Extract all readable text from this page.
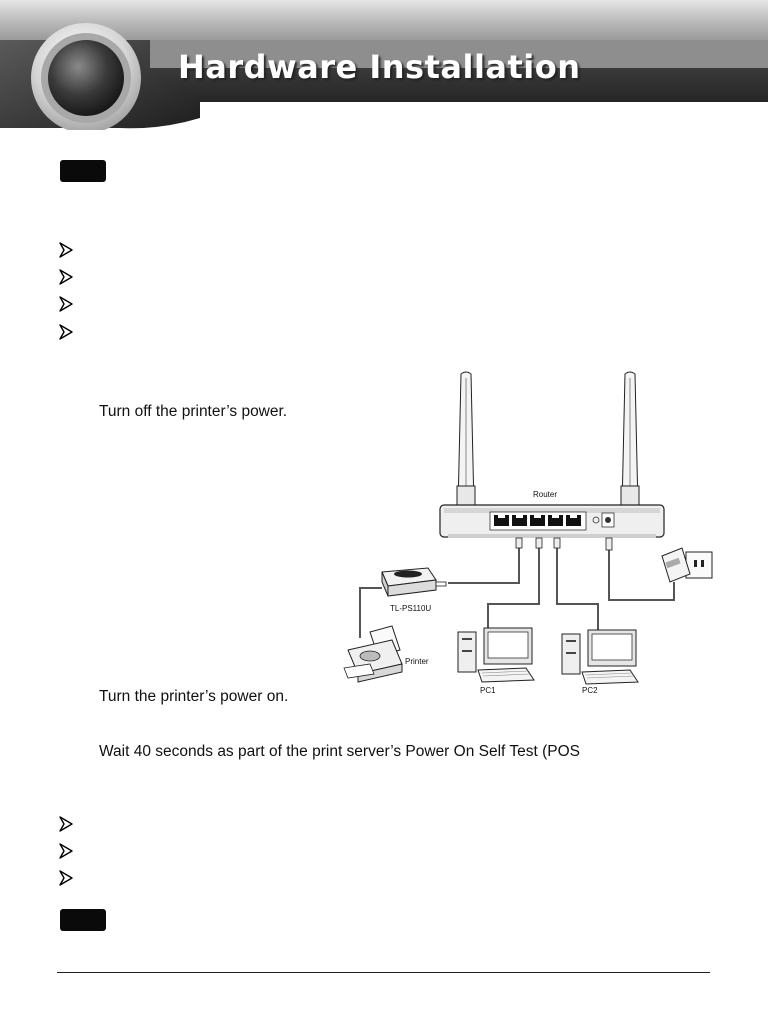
Hardware Installation

Turn off the printer’s power.

Turn the printer’s power on.

Wait 40 seconds as part of the print server’s Power On Self Test (POS

Router
TL-PS110U
Printer
PC1	PC2
